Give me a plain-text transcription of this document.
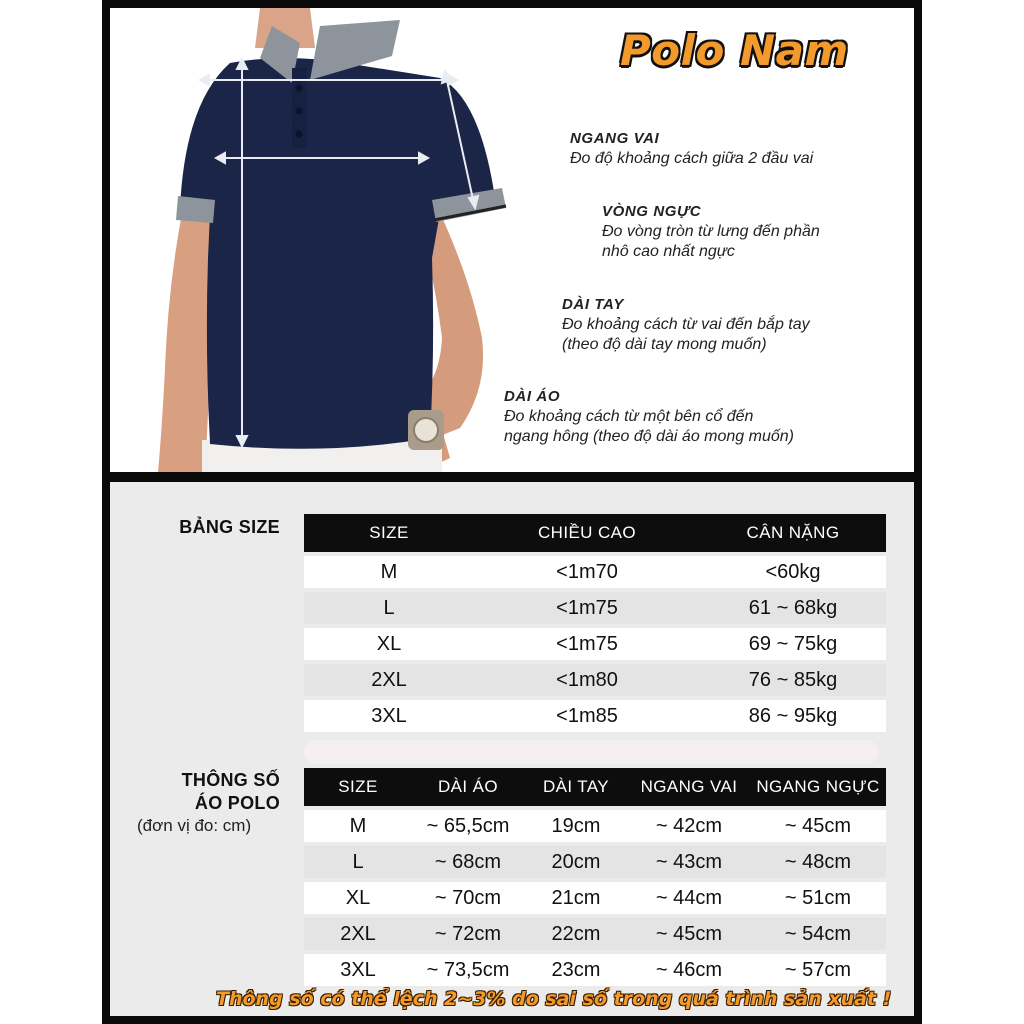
Polo Nam
NGANG VAI
Đo độ khoảng cách giữa 2 đầu vai
VÒNG NGỰC
Đo vòng tròn từ lưng đến phần
nhô cao nhất ngực
DÀI TAY
Đo khoảng cách từ vai đến bắp tay
(theo độ dài tay mong muốn)
DÀI ÁO
Đo khoảng cách từ một bên cổ đến
ngang hông (theo độ dài áo mong muốn)
BẢNG SIZE	SIZE	CHIỀU CAO	CÂN NẶNG
M	<1m70	<60kg
L	<1m75	61 ~ 68kg
XL	<1m75	69 ~ 75kg
2XL	<1m80	76 ~ 85kg
3XL	<1m85	86 ~ 95kg
THÔNG SỐ
ÁO POLO
(đơn vị đo: cm)
SIZE	DÀI ÁO	DÀI TAY	NGANG VAI	NGANG NGỰC
M	~ 65,5cm	19cm	~ 42cm	~ 45cm
L	~ 68cm	20cm	~ 43cm	~ 48cm
XL	~ 70cm	21cm	~ 44cm	~ 51cm
2XL	~ 72cm	22cm	~ 45cm	~ 54cm
3XL	~ 73,5cm	23cm	~ 46cm	~ 57cm
Thông số có thể lệch 2~3% do sai số trong quá trình sản xuất !
